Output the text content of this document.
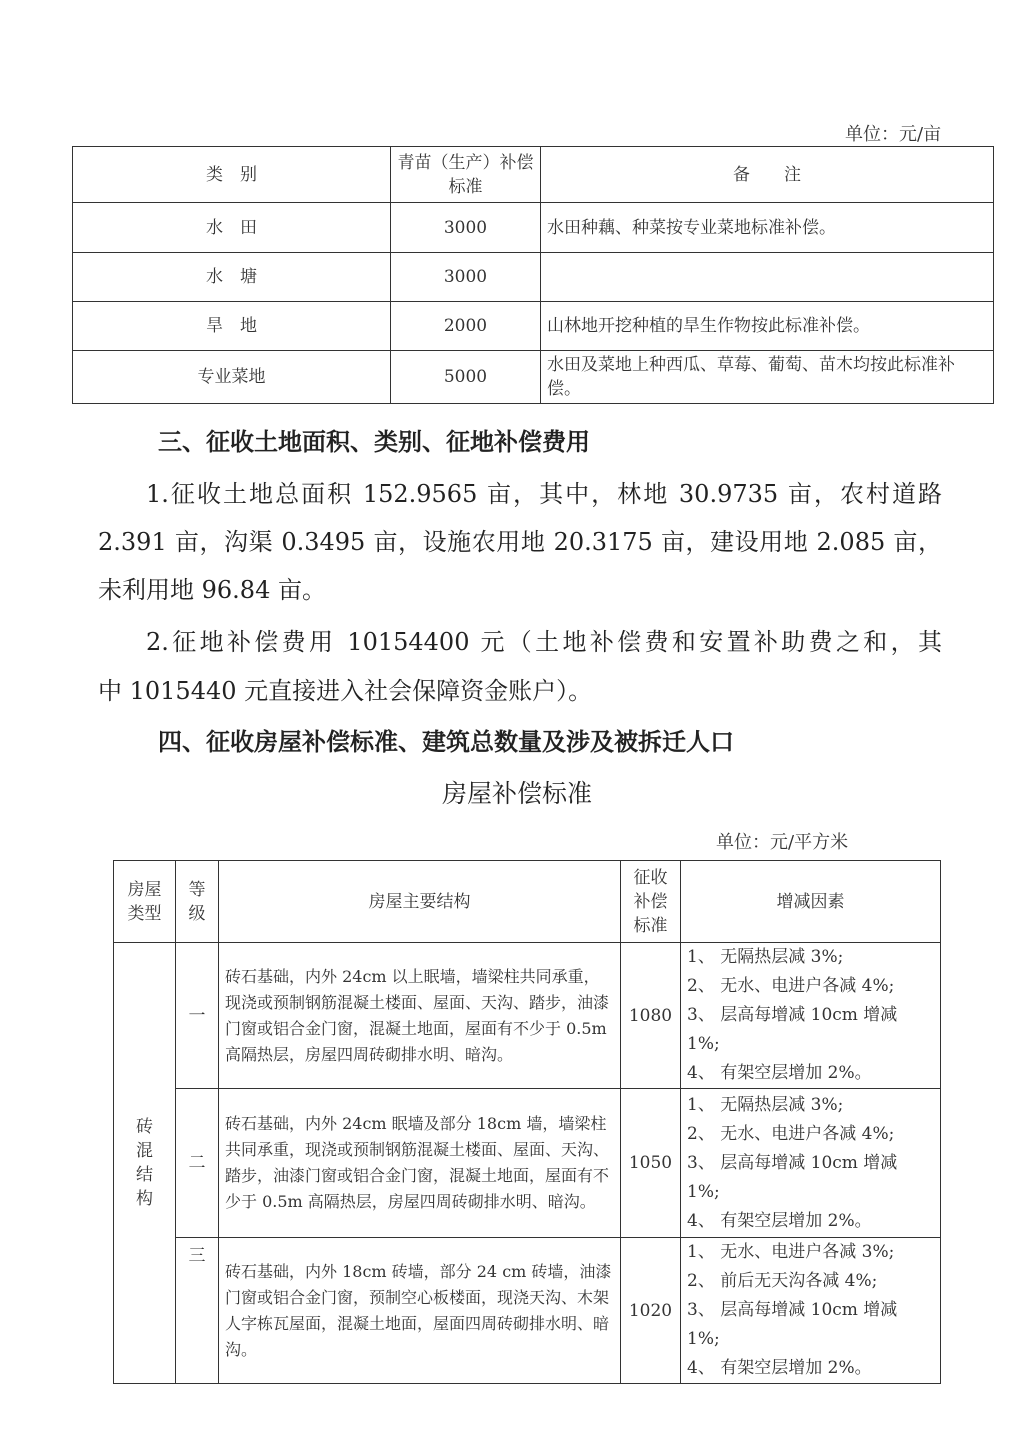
单位：元/亩
类　别	青苗（生产）补偿标准	备　　注
水　田	3000	水田种藕、种菜按专业菜地标准补偿。
水　塘	3000	
旱　地	2000	山林地开挖种植的旱生作物按此标准补偿。
专业菜地	5000	水田及菜地上种西瓜、草莓、葡萄、苗木均按此标准补偿。
三、征收土地面积、类别、征地补偿费用
1.征收土地总面积 152.9565 亩，其中，林地 30.9735 亩，农村道路
2.391 亩，沟渠 0.3495 亩，设施农用地 20.3175 亩，建设用地 2.085 亩，
未利用地 96.84 亩。
2.征地补偿费用 10154400 元（土地补偿费和安置补助费之和，其
中 1015440 元直接进入社会保障资金账户）。
四、征收房屋补偿标准、建筑总数量及涉及被拆迁人口
房屋补偿标准
单位：元/平方米
房屋类型	等级	房屋主要结构	征收补偿标准	增减因素
砖混结构	一	砖石基础，内外 24cm 以上眠墙，墙梁柱共同承重，现浇或预制钢筋混凝土楼面、屋面、天沟、踏步，油漆门窗或铝合金门窗，混凝土地面，屋面有不少于 0.5m 高隔热层，房屋四周砖砌排水明、暗沟。	1080	1、 无隔热层减 3%;
2、 无水、电进户各减 4%;
3、 层高每增减 10cm 增减 1%;
4、 有架空层增加 2%。

	二	砖石基础，内外 24cm 眠墙及部分 18cm 墙，墙梁柱共同承重，现浇或预制钢筋混凝土楼面、屋面、天沟、踏步，油漆门窗或铝合金门窗，混凝土地面，屋面有不少于 0.5m 高隔热层，房屋四周砖砌排水明、暗沟。	1050	1、 无隔热层减 3%;
2、 无水、电进户各减 4%;
3、 层高每增减 10cm 增减 1%;
4、 有架空层增加 2%。

	三	砖石基础，内外 18cm 砖墙，部分 24 cm 砖墙，油漆门窗或铝合金门窗，预制空心板楼面，现浇天沟、木架人字栋瓦屋面，混凝土地面，屋面四周砖砌排水明、暗沟。	1020	1、 无水、电进户各减 3%;
2、 前后无天沟各减 4%;
3、 层高每增减 10cm 增减 1%;
4、 有架空层增加 2%。
